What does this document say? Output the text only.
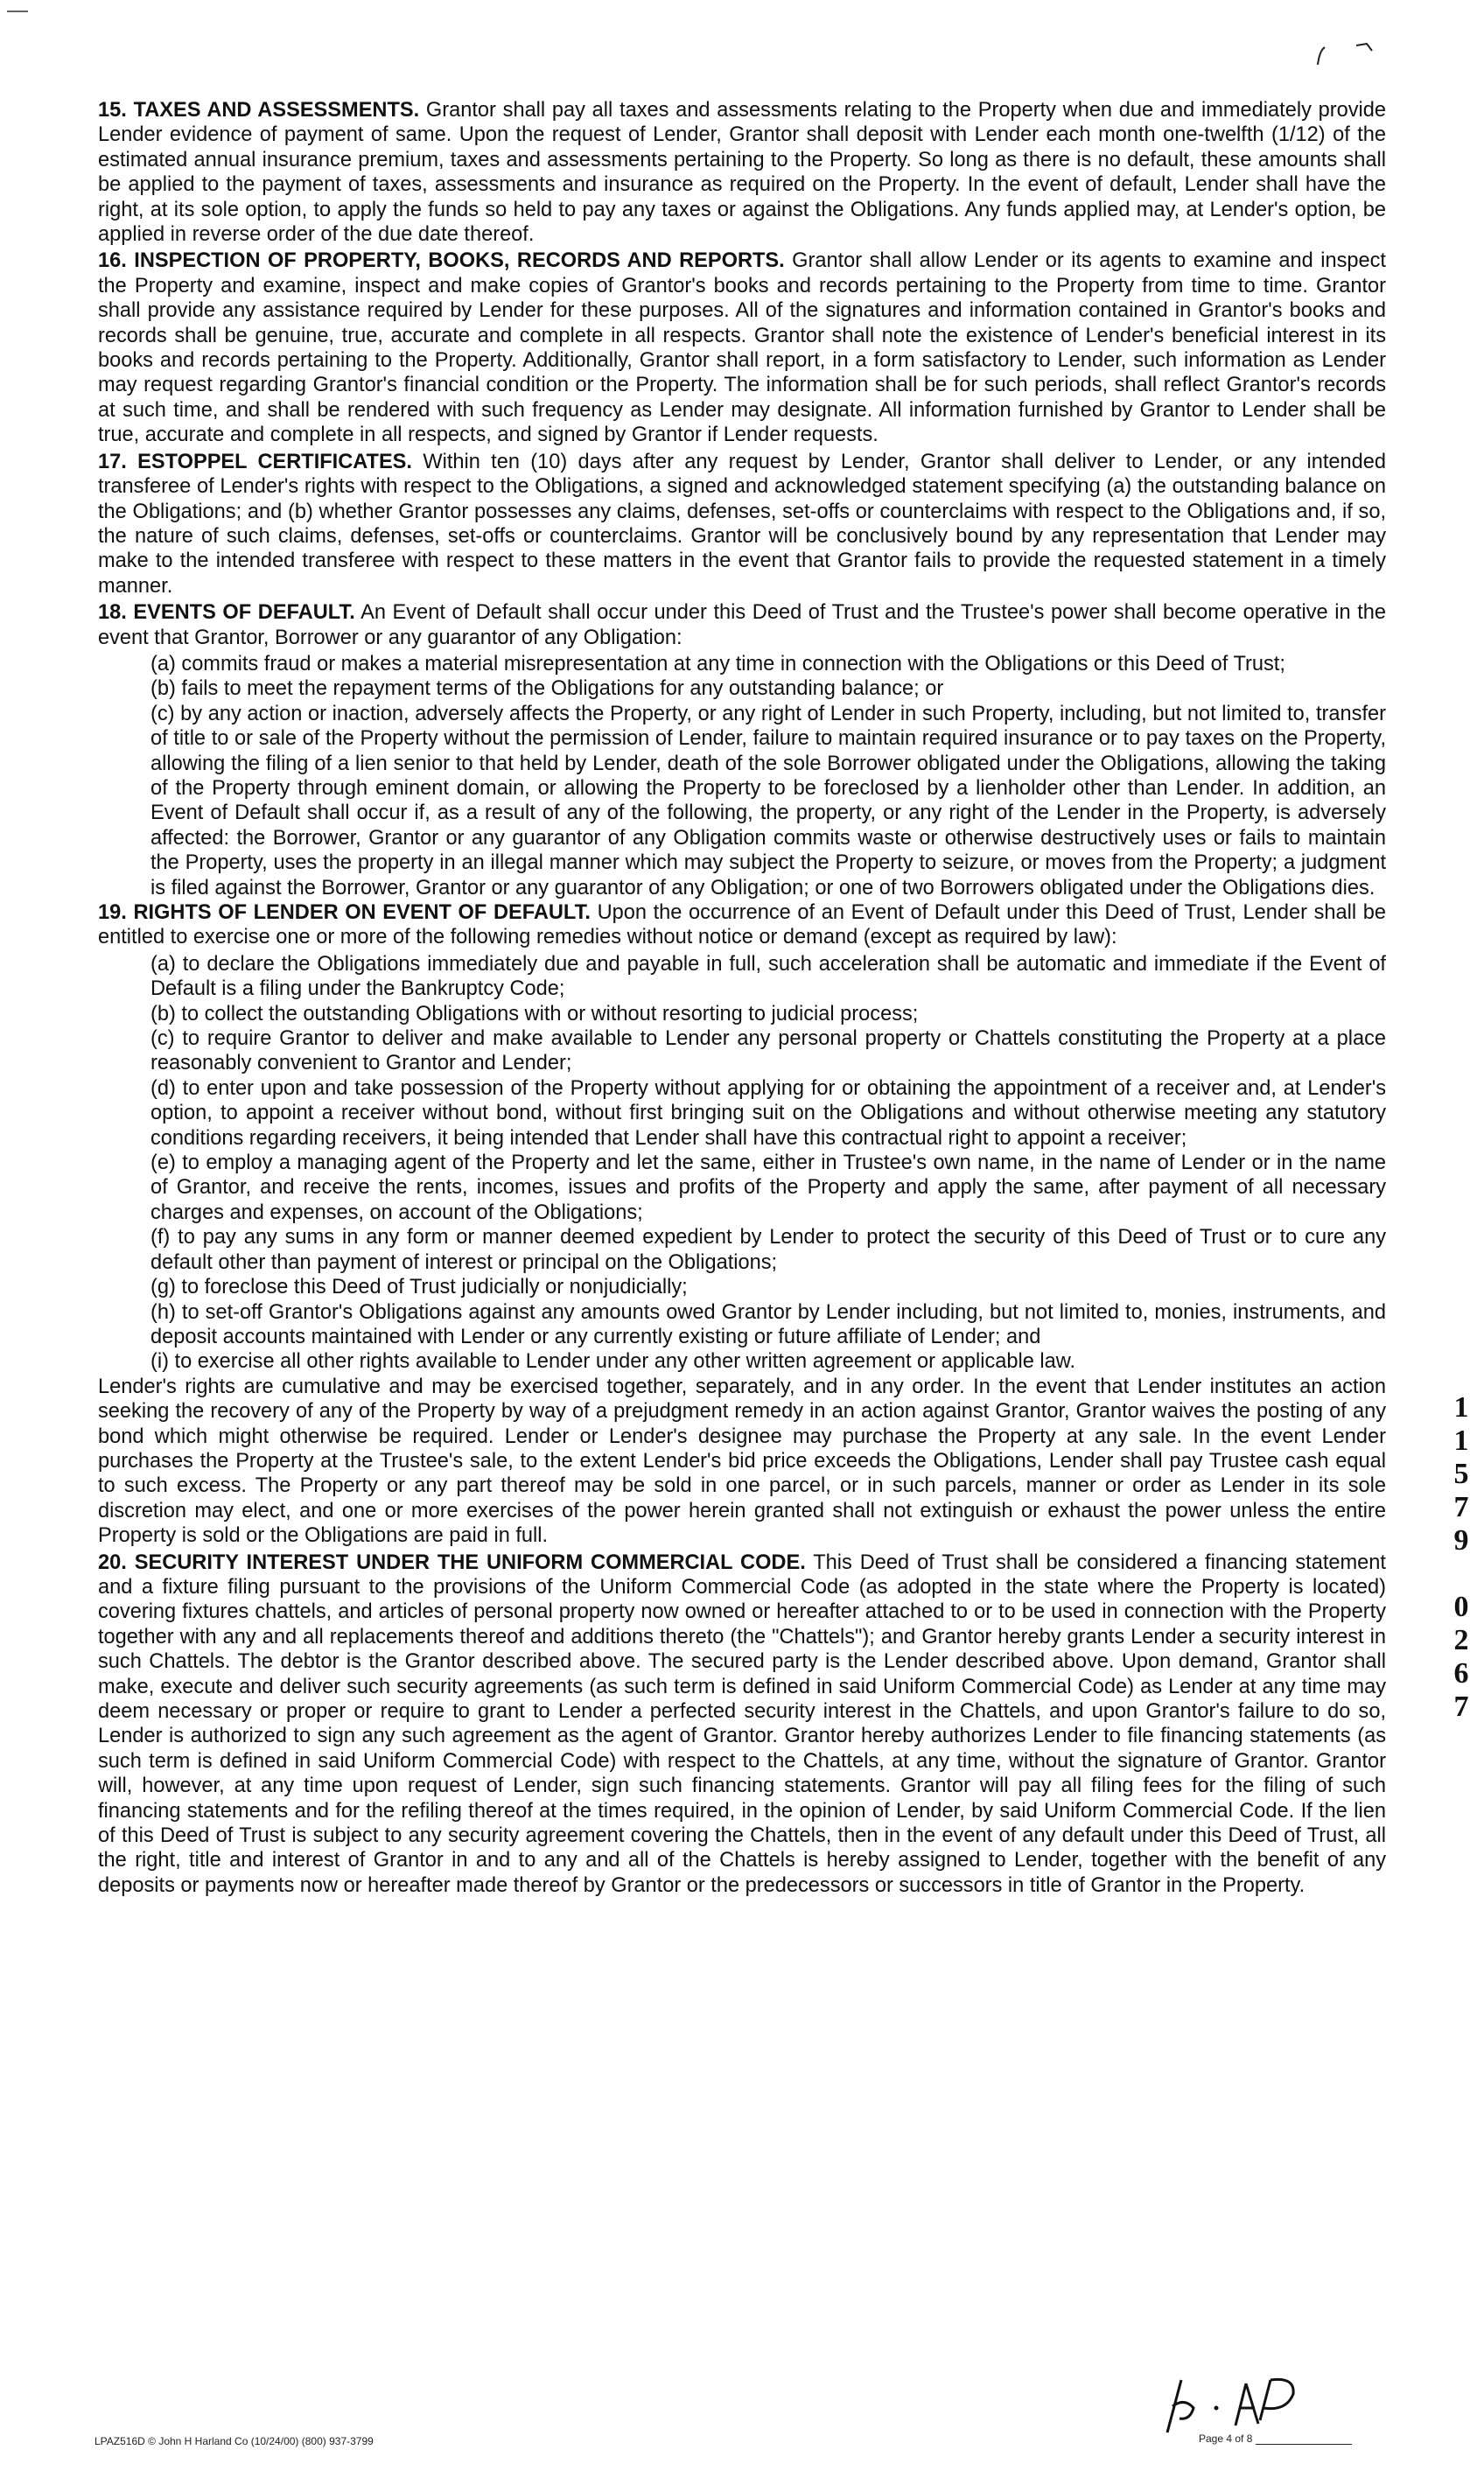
15. TAXES AND ASSESSMENTS. Grantor shall pay all taxes and assessments relating to the Property when due and immediately provide Lender evidence of payment of same. Upon the request of Lender, Grantor shall deposit with Lender each month one-twelfth (1/12) of the estimated annual insurance premium, taxes and assessments pertaining to the Property. So long as there is no default, these amounts shall be applied to the payment of taxes, assessments and insurance as required on the Property. In the event of default, Lender shall have the right, at its sole option, to apply the funds so held to pay any taxes or against the Obligations. Any funds applied may, at Lender's option, be applied in reverse order of the due date thereof.

16. INSPECTION OF PROPERTY, BOOKS, RECORDS AND REPORTS. Grantor shall allow Lender or its agents to examine and inspect the Property and examine, inspect and make copies of Grantor's books and records pertaining to the Property from time to time. Grantor shall provide any assistance required by Lender for these purposes. All of the signatures and information contained in Grantor's books and records shall be genuine, true, accurate and complete in all respects. Grantor shall note the existence of Lender's beneficial interest in its books and records pertaining to the Property. Additionally, Grantor shall report, in a form satisfactory to Lender, such information as Lender may request regarding Grantor's financial condition or the Property. The information shall be for such periods, shall reflect Grantor's records at such time, and shall be rendered with such frequency as Lender may designate. All information furnished by Grantor to Lender shall be true, accurate and complete in all respects, and signed by Grantor if Lender requests.

17. ESTOPPEL CERTIFICATES. Within ten (10) days after any request by Lender, Grantor shall deliver to Lender, or any intended transferee of Lender's rights with respect to the Obligations, a signed and acknowledged statement specifying (a) the outstanding balance on the Obligations; and (b) whether Grantor possesses any claims, defenses, set-offs or counterclaims with respect to the Obligations and, if so, the nature of such claims, defenses, set-offs or counterclaims. Grantor will be conclusively bound by any representation that Lender may make to the intended transferee with respect to these matters in the event that Grantor fails to provide the requested statement in a timely manner.

18. EVENTS OF DEFAULT. An Event of Default shall occur under this Deed of Trust and the Trustee's power shall become operative in the event that Grantor, Borrower or any guarantor of any Obligation:

(a) commits fraud or makes a material misrepresentation at any time in connection with the Obligations or this Deed of Trust;

(b) fails to meet the repayment terms of the Obligations for any outstanding balance; or

(c) by any action or inaction, adversely affects the Property, or any right of Lender in such Property, including, but not limited to, transfer of title to or sale of the Property without the permission of Lender, failure to maintain required insurance or to pay taxes on the Property, allowing the filing of a lien senior to that held by Lender, death of the sole Borrower obligated under the Obligations, allowing the taking of the Property through eminent domain, or allowing the Property to be foreclosed by a lienholder other than Lender. In addition, an Event of Default shall occur if, as a result of any of the following, the property, or any right of the Lender in the Property, is adversely affected: the Borrower, Grantor or any guarantor of any Obligation commits waste or otherwise destructively uses or fails to maintain the Property, uses the property in an illegal manner which may subject the Property to seizure, or moves from the Property; a judgment is filed against the Borrower, Grantor or any guarantor of any Obligation; or one of two Borrowers obligated under the Obligations dies.

19. RIGHTS OF LENDER ON EVENT OF DEFAULT. Upon the occurrence of an Event of Default under this Deed of Trust, Lender shall be entitled to exercise one or more of the following remedies without notice or demand (except as required by law):

(a) to declare the Obligations immediately due and payable in full, such acceleration shall be automatic and immediate if the Event of Default is a filing under the Bankruptcy Code;

(b) to collect the outstanding Obligations with or without resorting to judicial process;

(c) to require Grantor to deliver and make available to Lender any personal property or Chattels constituting the Property at a place reasonably convenient to Grantor and Lender;

(d) to enter upon and take possession of the Property without applying for or obtaining the appointment of a receiver and, at Lender's option, to appoint a receiver without bond, without first bringing suit on the Obligations and without otherwise meeting any statutory conditions regarding receivers, it being intended that Lender shall have this contractual right to appoint a receiver;

(e) to employ a managing agent of the Property and let the same, either in Trustee's own name, in the name of Lender or in the name of Grantor, and receive the rents, incomes, issues and profits of the Property and apply the same, after payment of all necessary charges and expenses, on account of the Obligations;

(f) to pay any sums in any form or manner deemed expedient by Lender to protect the security of this Deed of Trust or to cure any default other than payment of interest or principal on the Obligations;

(g) to foreclose this Deed of Trust judicially or nonjudicially;

(h) to set-off Grantor's Obligations against any amounts owed Grantor by Lender including, but not limited to, monies, instruments, and deposit accounts maintained with Lender or any currently existing or future affiliate of Lender; and

(i) to exercise all other rights available to Lender under any other written agreement or applicable law.

Lender's rights are cumulative and may be exercised together, separately, and in any order. In the event that Lender institutes an action seeking the recovery of any of the Property by way of a prejudgment remedy in an action against Grantor, Grantor waives the posting of any bond which might otherwise be required. Lender or Lender's designee may purchase the Property at any sale. In the event Lender purchases the Property at the Trustee's sale, to the extent Lender's bid price exceeds the Obligations, Lender shall pay Trustee cash equal to such excess. The Property or any part thereof may be sold in one parcel, or in such parcels, manner or order as Lender in its sole discretion may elect, and one or more exercises of the power herein granted shall not extinguish or exhaust the power unless the entire Property is sold or the Obligations are paid in full.

20. SECURITY INTEREST UNDER THE UNIFORM COMMERCIAL CODE. This Deed of Trust shall be considered a financing statement and a fixture filing pursuant to the provisions of the Uniform Commercial Code (as adopted in the state where the Property is located) covering fixtures chattels, and articles of personal property now owned or hereafter attached to or to be used in connection with the Property together with any and all replacements thereof and additions thereto (the "Chattels"); and Grantor hereby grants Lender a security interest in such Chattels. The debtor is the Grantor described above. The secured party is the Lender described above. Upon demand, Grantor shall make, execute and deliver such security agreements (as such term is defined in said Uniform Commercial Code) as Lender at any time may deem necessary or proper or require to grant to Lender a perfected security interest in the Chattels, and upon Grantor's failure to do so, Lender is authorized to sign any such agreement as the agent of Grantor. Grantor hereby authorizes Lender to file financing statements (as such term is defined in said Uniform Commercial Code) with respect to the Chattels, at any time, without the signature of Grantor. Grantor will, however, at any time upon request of Lender, sign such financing statements. Grantor will pay all filing fees for the filing of such financing statements and for the refiling thereof at the times required, in the opinion of Lender, by said Uniform Commercial Code. If the lien of this Deed of Trust is subject to any security agreement covering the Chattels, then in the event of any default under this Deed of Trust, all the right, title and interest of Grantor in and to any and all of the Chattels is hereby assigned to Lender, together with the benefit of any deposits or payments now or hereafter made thereof by Grantor or the predecessors or successors in title of Grantor in the Property.

1
1
5
7
9

0
2
6
7
LPAZ516D © John H Harland Co (10/24/00) (800) 937-3799	Page 4 of 8
